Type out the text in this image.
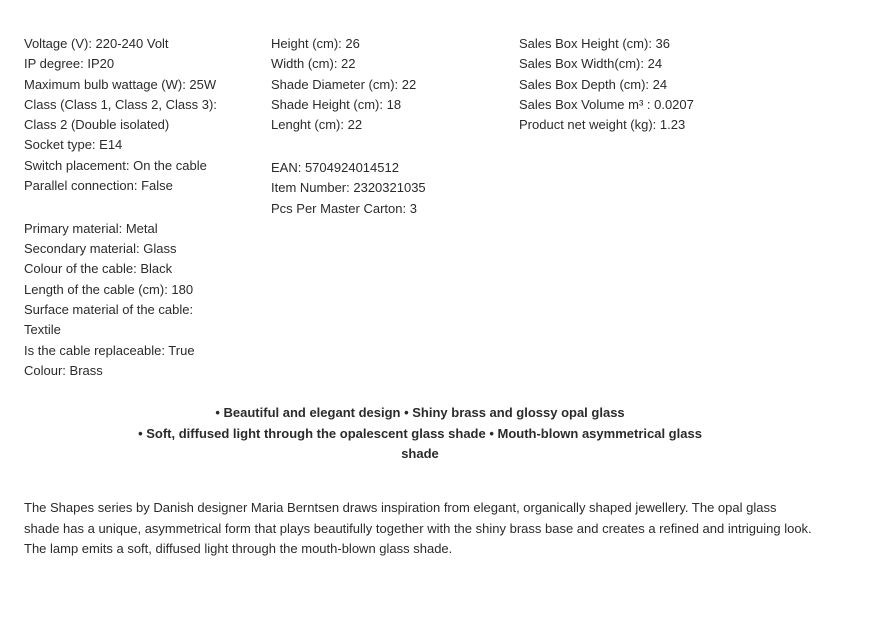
Voltage (V): 220-240 Volt
IP degree: IP20
Maximum bulb wattage (W): 25W
Class (Class 1, Class 2, Class 3):
Class 2 (Double isolated)
Socket type: E14
Switch placement: On the cable
Parallel connection: False
Primary material: Metal
Secondary material: Glass
Colour of the cable: Black
Length of the cable (cm): 180
Surface material of the cable:
Textile
Is the cable replaceable: True
Colour: Brass
Height (cm): 26
Width (cm): 22
Shade Diameter (cm): 22
Shade Height (cm): 18
Lenght (cm): 22
EAN: 5704924014512
Item Number: 2320321035
Pcs Per Master Carton: 3
Sales Box Height (cm): 36
Sales Box Width(cm): 24
Sales Box Depth (cm): 24
Sales Box Volume m³ : 0.0207
Product net weight (kg): 1.23
• Beautiful and elegant design • Shiny brass and glossy opal glass
• Soft, diffused light through the opalescent glass shade • Mouth-blown asymmetrical glass
shade
The Shapes series by Danish designer Maria Berntsen draws inspiration from elegant, organically shaped jewellery. The opal glass shade has a unique, asymmetrical form that plays beautifully together with the shiny brass base and creates a refined and intriguing look. The lamp emits a soft, diffused light through the mouth-blown glass shade.
